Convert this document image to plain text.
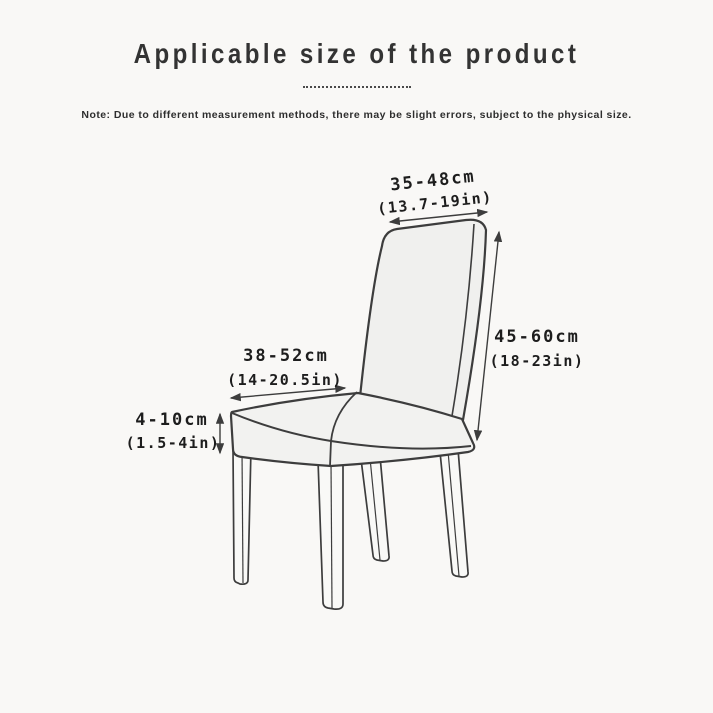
Applicable size of the product
Note: Due to different measurement methods, there may be slight errors, subject to the physical size.
35-48cm
(13.7-19in)
45-60cm
(18-23in)
38-52cm
(14-20.5in)
4-10cm
(1.5-4in)
